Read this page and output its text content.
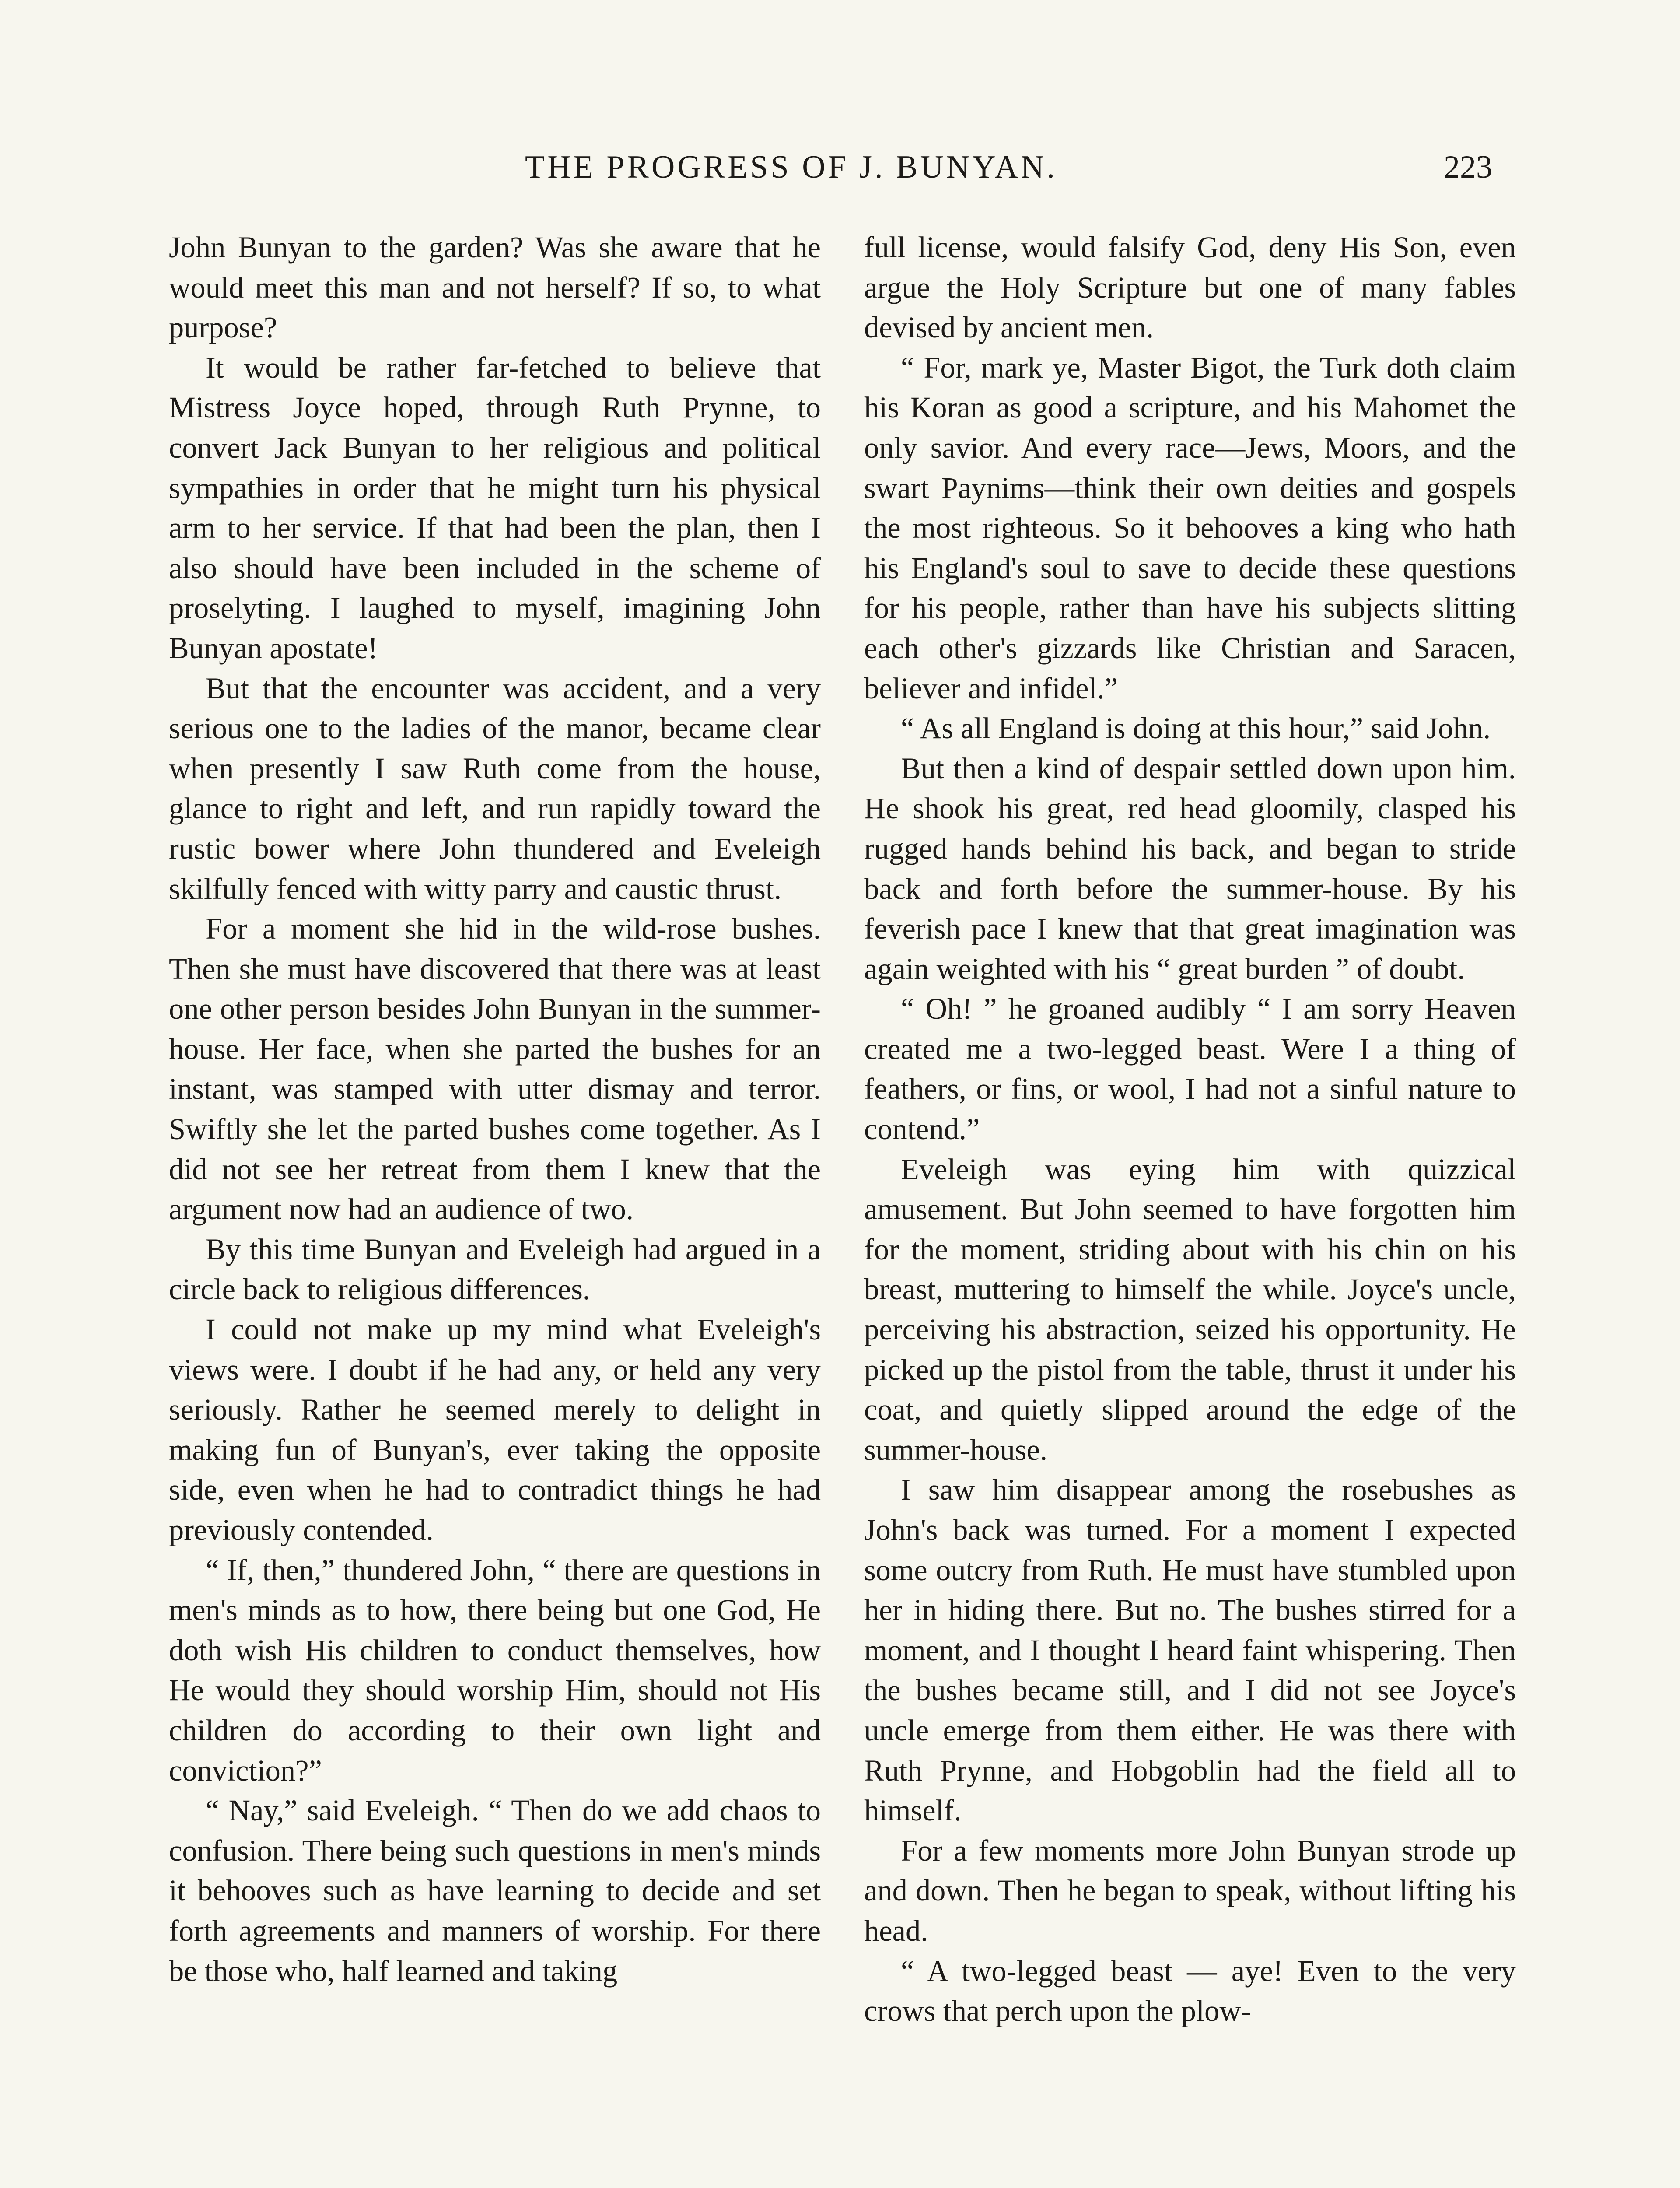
THE PROGRESS OF J. BUNYAN.	223

John Bunyan to the garden? Was she aware that he would meet this man and not herself? If so, to what purpose?

It would be rather far-fetched to believe that Mistress Joyce hoped, through Ruth Prynne, to convert Jack Bunyan to her religious and political sympathies in order that he might turn his physical arm to her service. If that had been the plan, then I also should have been included in the scheme of proselyting. I laughed to myself, imagining John Bunyan apostate!

But that the encounter was accident, and a very serious one to the ladies of the manor, became clear when presently I saw Ruth come from the house, glance to right and left, and run rapidly toward the rustic bower where John thundered and Eveleigh skilfully fenced with witty parry and caustic thrust.

For a moment she hid in the wild-rose bushes. Then she must have discovered that there was at least one other person besides John Bunyan in the summer-house. Her face, when she parted the bushes for an instant, was stamped with utter dismay and terror. Swiftly she let the parted bushes come together. As I did not see her retreat from them I knew that the argument now had an audience of two.

By this time Bunyan and Eveleigh had argued in a circle back to religious differences.

I could not make up my mind what Eveleigh's views were. I doubt if he had any, or held any very seriously. Rather he seemed merely to delight in making fun of Bunyan's, ever taking the opposite side, even when he had to contradict things he had previously contended.

“ If, then,” thundered John, “ there are questions in men's minds as to how, there being but one God, He doth wish His children to conduct themselves, how He would they should worship Him, should not His children do according to their own light and conviction?”

“ Nay,” said Eveleigh. “ Then do we add chaos to confusion. There being such questions in men's minds it behooves such as have learning to decide and set forth agreements and manners of worship. For there be those who, half learned and taking

full license, would falsify God, deny His Son, even argue the Holy Scripture but one of many fables devised by ancient men.

“ For, mark ye, Master Bigot, the Turk doth claim his Koran as good a scripture, and his Mahomet the only savior. And every race—Jews, Moors, and the swart Paynims—think their own deities and gospels the most righteous. So it behooves a king who hath his England's soul to save to decide these questions for his people, rather than have his subjects slitting each other's gizzards like Christian and Saracen, believer and infidel.”

“ As all England is doing at this hour,” said John.

But then a kind of despair settled down upon him. He shook his great, red head gloomily, clasped his rugged hands behind his back, and began to stride back and forth before the summer-house. By his feverish pace I knew that that great imagination was again weighted with his “ great burden ” of doubt.

“ Oh! ” he groaned audibly “ I am sorry Heaven created me a two-legged beast. Were I a thing of feathers, or fins, or wool, I had not a sinful nature to contend.”

Eveleigh was eying him with quizzical amusement. But John seemed to have forgotten him for the moment, striding about with his chin on his breast, muttering to himself the while. Joyce's uncle, perceiving his abstraction, seized his opportunity. He picked up the pistol from the table, thrust it under his coat, and quietly slipped around the edge of the summer-house.

I saw him disappear among the rosebushes as John's back was turned. For a moment I expected some outcry from Ruth. He must have stumbled upon her in hiding there. But no. The bushes stirred for a moment, and I thought I heard faint whispering. Then the bushes became still, and I did not see Joyce's uncle emerge from them either. He was there with Ruth Prynne, and Hobgoblin had the field all to himself.

For a few moments more John Bunyan strode up and down. Then he began to speak, without lifting his head.

“ A two-legged beast — aye! Even to the very crows that perch upon the plow-
